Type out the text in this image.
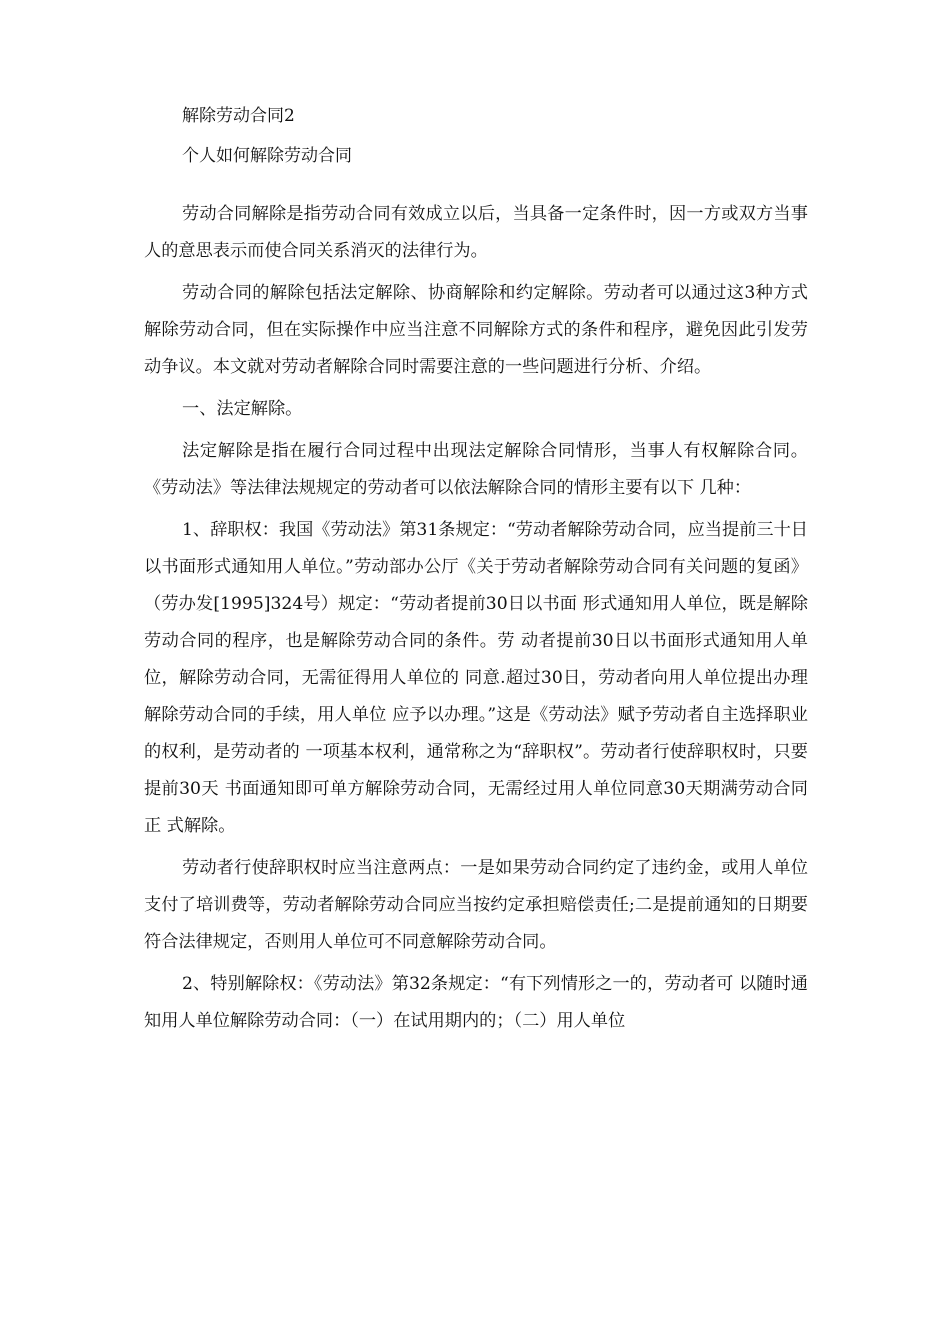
解除劳动合同2
个人如何解除劳动合同

劳动合同解除是指劳动合同有效成立以后，当具备一定条件时，因一方或双方当事人的意思表示而使合同关系消灭的法律行为。

劳动合同的解除包括法定解除、协商解除和约定解除。劳动者可以通过这3种方式解除劳动合同，但在实际操作中应当注意不同解除方式的条件和程序，避免因此引发劳动争议。本文就对劳动者解除合同时需要注意的一些问题进行分析、介绍。

一、法定解除。

法定解除是指在履行合同过程中出现法定解除合同情形，当事人有权解除合同。《劳动法》等法律法规规定的劳动者可以依法解除合同的情形主要有以下 几种：

1、辞职权：我国《劳动法》第31条规定：“劳动者解除劳动合同，应当提前三十日以书面形式通知用人单位。”劳动部办公厅《关于劳动者解除劳动合同有关问题的复函》（劳办发[1995]324号）规定：“劳动者提前30日以书面 形式通知用人单位，既是解除劳动合同的程序，也是解除劳动合同的条件。劳 动者提前30日以书面形式通知用人单位，解除劳动合同，无需征得用人单位的 同意.超过30日，劳动者向用人单位提出办理解除劳动合同的手续，用人单位 应予以办理。”这是《劳动法》赋予劳动者自主选择职业的权利，是劳动者的 一项基本权利，通常称之为“辞职权”。劳动者行使辞职权时，只要提前30天 书面通知即可单方解除劳动合同，无需经过用人单位同意30天期满劳动合同正 式解除。

劳动者行使辞职权时应当注意两点：一是如果劳动合同约定了违约金，或用人单位支付了培训费等，劳动者解除劳动合同应当按约定承担赔偿责任;二是提前通知的日期要符合法律规定，否则用人单位可不同意解除劳动合同。

2、特别解除权：《劳动法》第32条规定：“有下列情形之一的，劳动者可 以随时通知用人单位解除劳动合同：（一）在试用期内的；（二）用人单位
